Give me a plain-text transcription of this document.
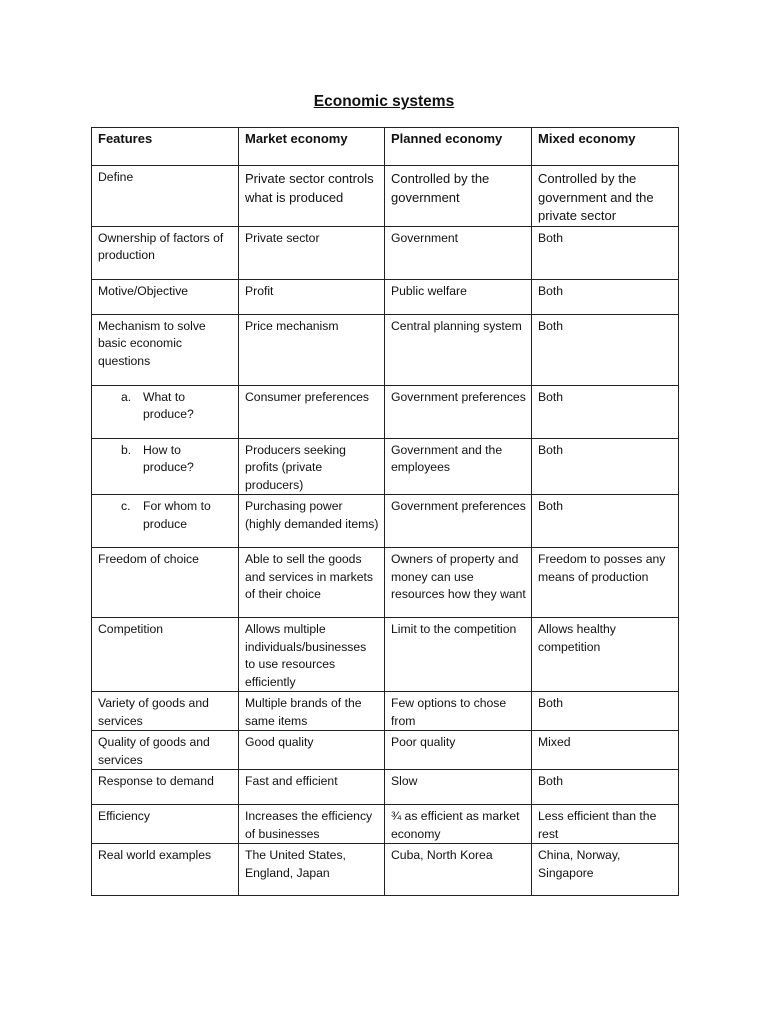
Economic systems
Features	Market economy	Planned economy	Mixed economy
Define	Private sector controls what is produced	Controlled by the government	Controlled by the government and the private sector
Ownership of factors of production	Private sector	Government	Both
Motive/Objective	Profit	Public welfare	Both
Mechanism to solve basic economic questions	Price mechanism	Central planning system	Both

a. What to produce?	Consumer preferences	Government preferences	Both

b. How to produce?	Producers seeking profits (private producers)	Government and the employees	Both

c. For whom to produce	Purchasing power (highly demanded items)	Government preferences	Both
Freedom of choice	Able to sell the goods and services in markets of their choice	Owners of property and money can use resources how they want	Freedom to posses any means of production
Competition	Allows multiple individuals/businesses to use resources efficiently	Limit to the competition	Allows healthy competition
Variety of goods and services	Multiple brands of the same items	Few options to chose from	Both
Quality of goods and services	Good quality	Poor quality	Mixed
Response to demand	Fast and efficient	Slow	Both
Efficiency	Increases the efficiency of businesses	¾ as efficient as market economy	Less efficient than the rest
Real world examples	The United States, England, Japan	Cuba, North Korea	China, Norway, Singapore
